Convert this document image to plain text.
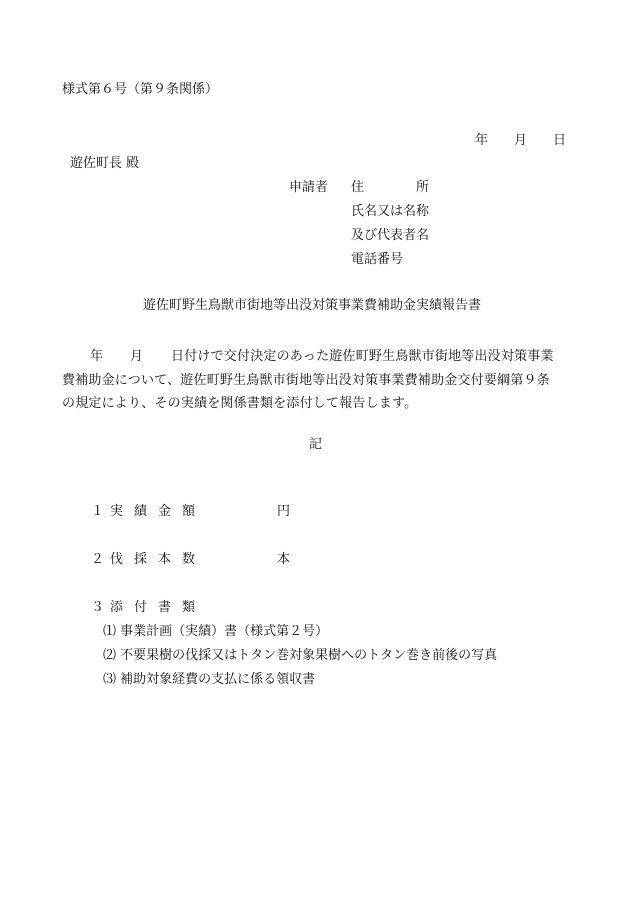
様式第６号（第９条関係）
年 月 日
遊佐町長 殿
申請者 住　　　　所
氏名又は名称
及び代表者名
電話番号
遊佐町野生鳥獣市街地等出没対策事業費補助金実績報告書
年 月 日付けで交付決定のあった遊佐町野生鳥獣市街地等出没対策事業
費補助金について、遊佐町野生鳥獣市街地等出没対策事業費補助金交付要綱第９条
の規定により、その実績を関係書類を添付して報告します。
記
１ 実績金額	円
２ 伐採本数	本
３ 添付書類
⑴ 事業計画（実績）書（様式第２号）
⑵ 不要果樹の伐採又はトタン巻対象果樹へのトタン巻き前後の写真
⑶ 補助対象経費の支払に係る領収書
